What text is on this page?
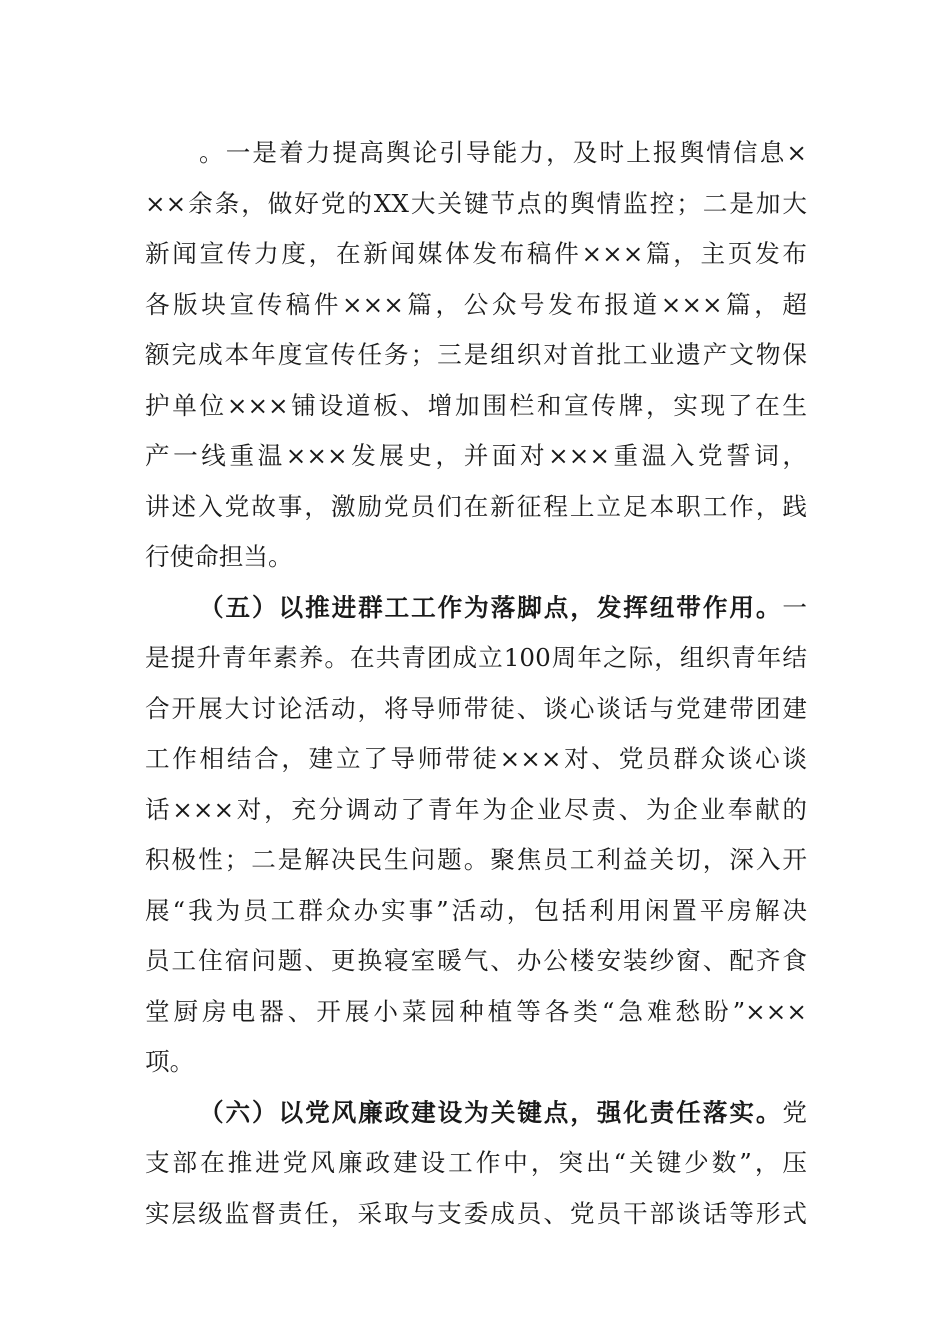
。一是着力提高舆论引导能力，及时上报舆情信息×
××余条，做好党的XX大关键节点的舆情监控；二是加大
新闻宣传力度，在新闻媒体发布稿件×××篇，主页发布
各版块宣传稿件×××篇，公众号发布报道×××篇，超
额完成本年度宣传任务；三是组织对首批工业遗产文物保
护单位×××铺设道板、增加围栏和宣传牌，实现了在生
产一线重温×××发展史，并面对×××重温入党誓词，
讲述入党故事，激励党员们在新征程上立足本职工作，践
行使命担当。
（五）以推进群工工作为落脚点，发挥纽带作用。一
是提升青年素养。在共青团成立100周年之际，组织青年结
合开展大讨论活动，将导师带徒、谈心谈话与党建带团建
工作相结合，建立了导师带徒×××对、党员群众谈心谈
话×××对，充分调动了青年为企业尽责、为企业奉献的
积极性；二是解决民生问题。聚焦员工利益关切，深入开
展“我为员工群众办实事”活动，包括利用闲置平房解决
员工住宿问题、更换寝室暖气、办公楼安装纱窗、配齐食
堂厨房电器、开展小菜园种植等各类“急难愁盼”×××
项。
（六）以党风廉政建设为关键点，强化责任落实。党
支部在推进党风廉政建设工作中，突出“关键少数”，压
实层级监督责任，采取与支委成员、党员干部谈话等形式
